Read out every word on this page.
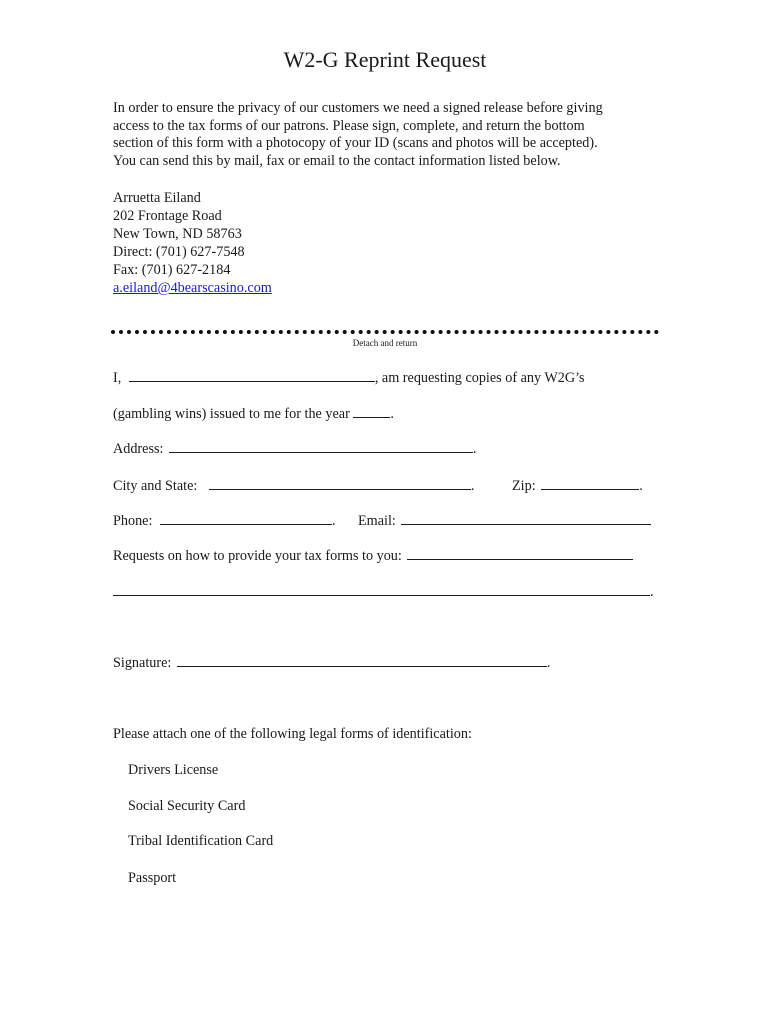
W2-G Reprint Request
In order to ensure the privacy of our customers we need a signed release before giving
access to the tax forms of our patrons. Please sign, complete, and return the bottom
section of this form with a photocopy of your ID (scans and photos will be accepted).
You can send this by mail, fax or email to the contact information listed below.
Arruetta Eiland
202 Frontage Road
New Town, ND 58763
Direct: (701) 627-7548
Fax: (701) 627-2184
a.eiland@4bearscasino.com
Detach and return
I,	, am requesting copies of any W2G’s
(gambling wins) issued to me for the year	.
Address:	.
City and State:	.	Zip:	.
Phone:	. Email:
Requests on how to provide your tax forms to you:
.
Signature:	.
Please attach one of the following legal forms of identification:
Drivers License
Social Security Card
Tribal Identification Card
Passport
